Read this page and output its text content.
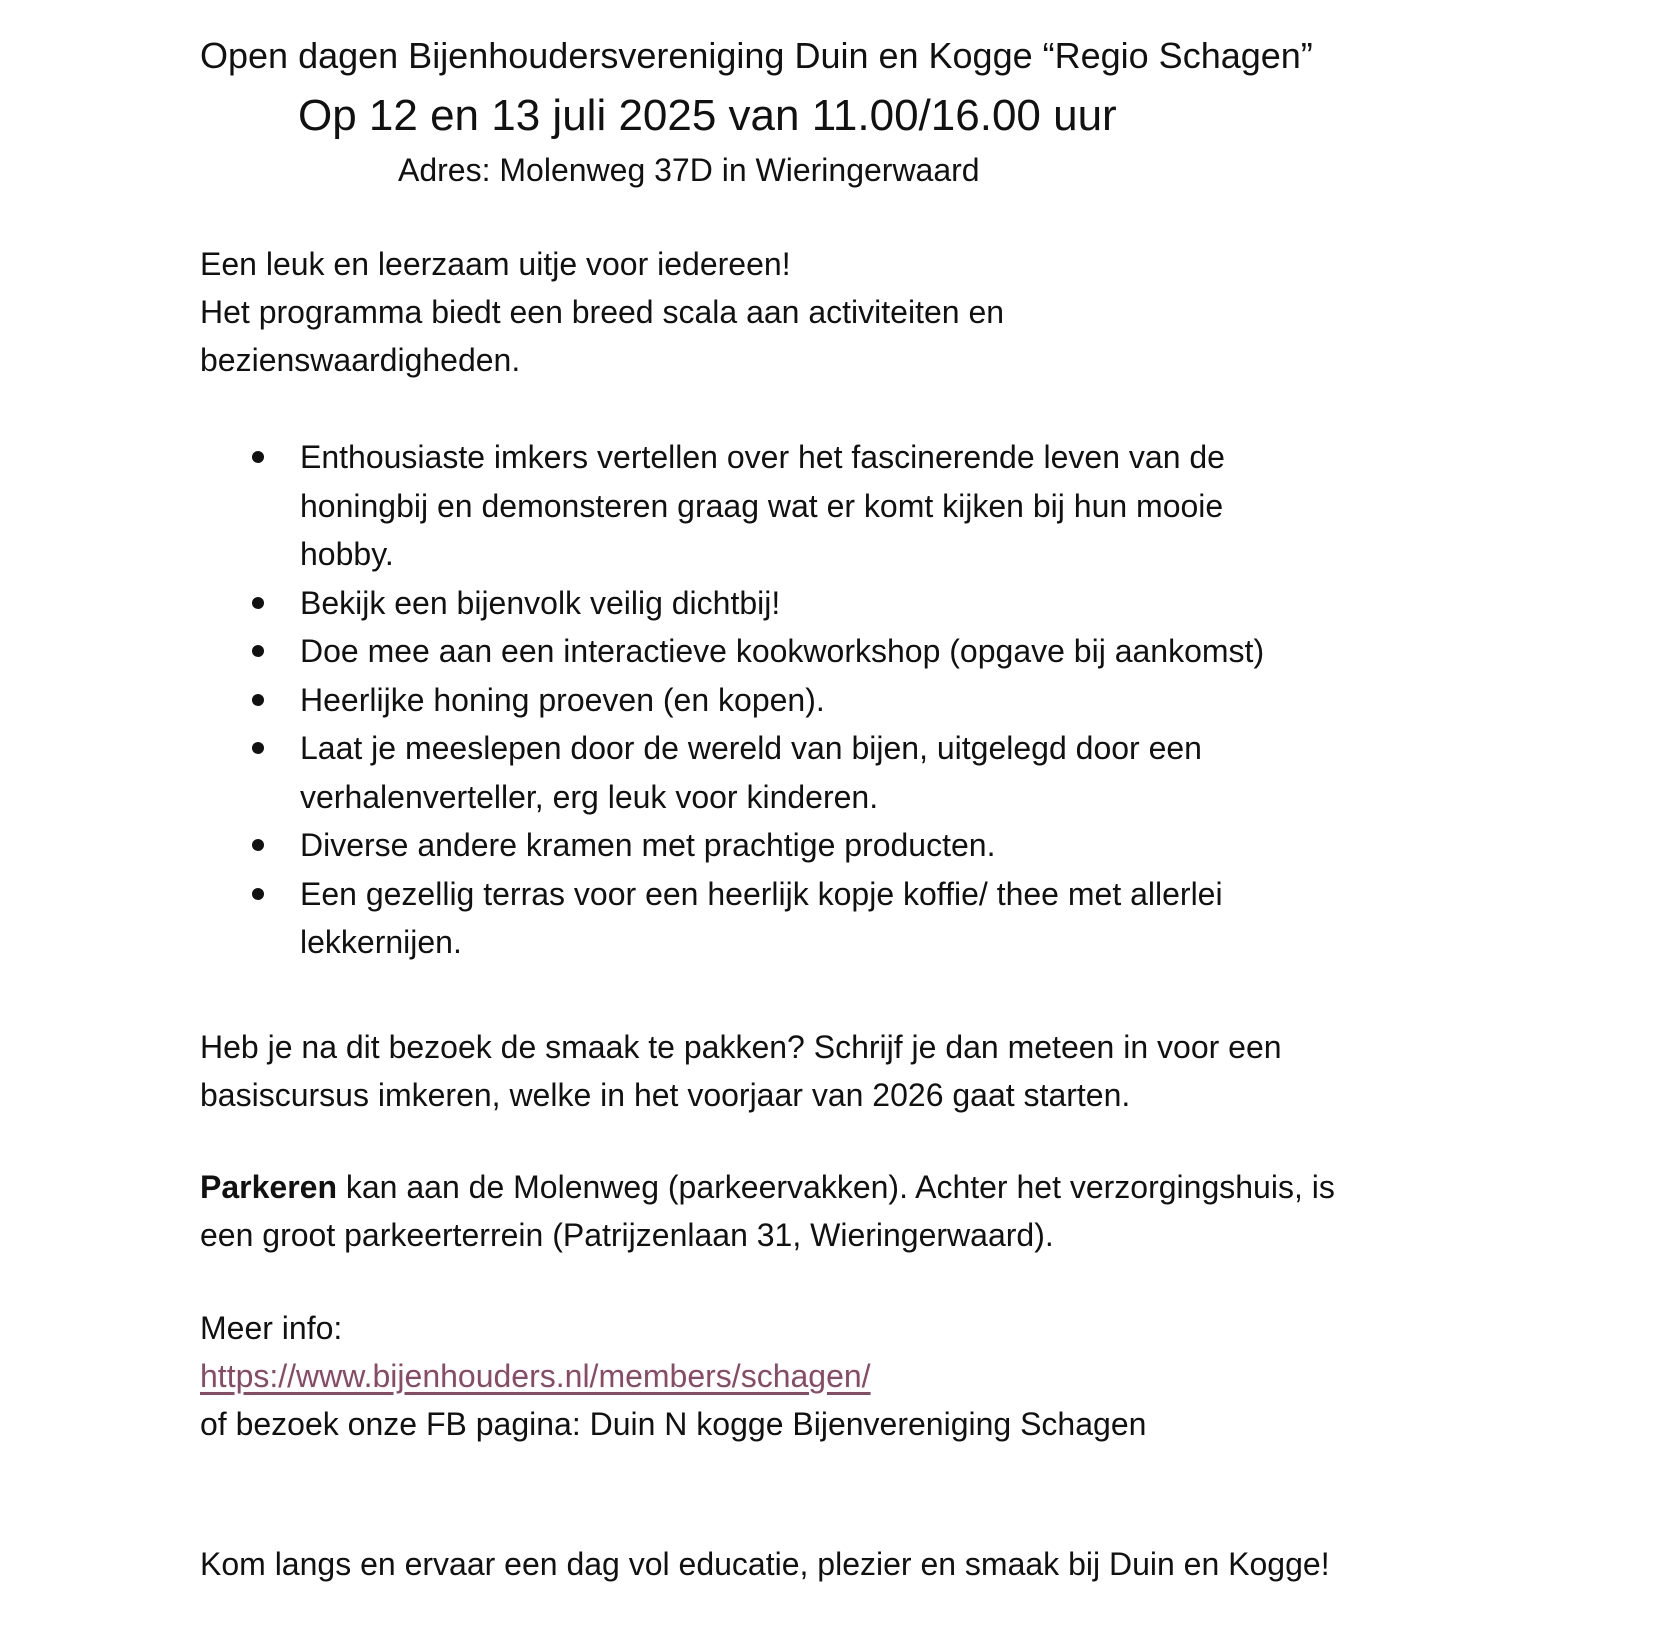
Open dagen Bijenhoudersvereniging Duin en Kogge “Regio Schagen”
Op 12 en 13 juli 2025 van 11.00/16.00 uur
Adres: Molenweg 37D in Wieringerwaard
Een leuk en leerzaam uitje voor iedereen!
Het programma biedt een breed scala aan activiteiten en
bezienswaardigheden.
Enthousiaste imkers vertellen over het fascinerende leven van de
honingbij en demonsteren graag wat er komt kijken bij hun mooie
hobby.
Bekijk een bijenvolk veilig dichtbij!
Doe mee aan een interactieve kookworkshop (opgave bij aankomst)
Heerlijke honing proeven (en kopen).
Laat je meeslepen door de wereld van bijen, uitgelegd door een
verhalenverteller, erg leuk voor kinderen.
Diverse andere kramen met prachtige producten.
Een gezellig terras voor een heerlijk kopje koffie/ thee met allerlei
lekkernijen.
Heb je na dit bezoek de smaak te pakken? Schrijf je dan meteen in voor een
basiscursus imkeren, welke in het voorjaar van 2026 gaat starten.
Parkeren kan aan de Molenweg (parkeervakken). Achter het verzorgingshuis, is
een groot parkeerterrein (Patrijzenlaan 31, Wieringerwaard).
Meer info:
https://www.bijenhouders.nl/members/schagen/
of bezoek onze FB pagina: Duin N kogge Bijenvereniging Schagen
Kom langs en ervaar een dag vol educatie, plezier en smaak bij Duin en Kogge!
